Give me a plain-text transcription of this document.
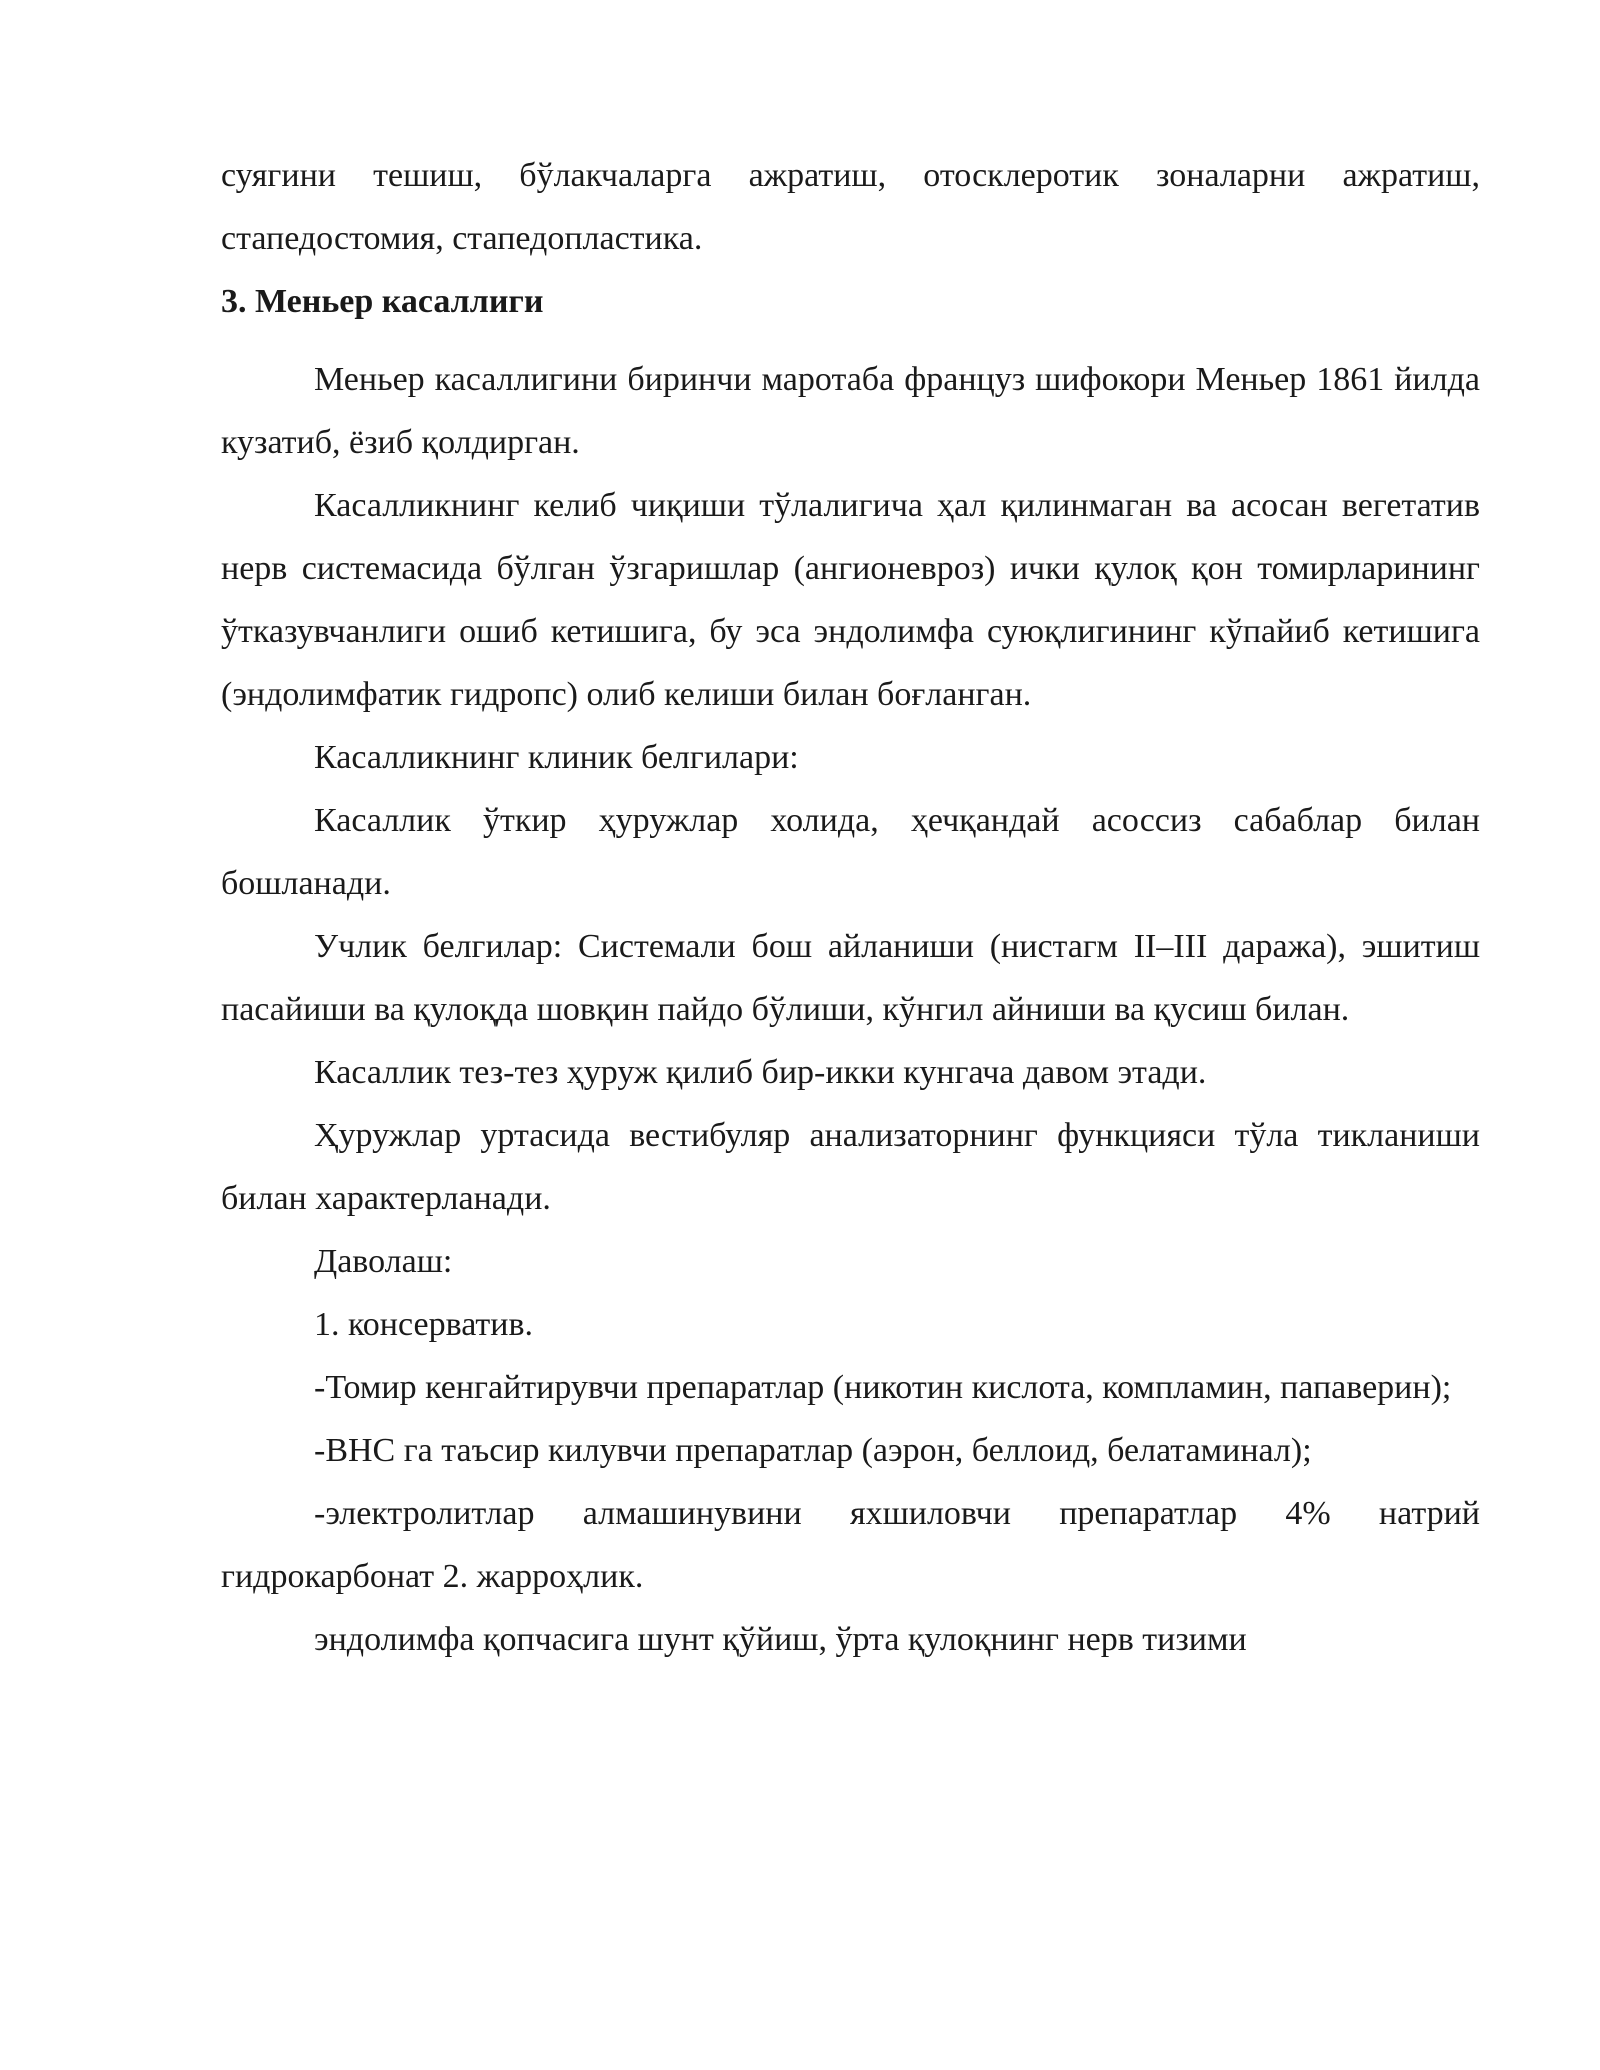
суягини тешиш, бўлакчаларга ажратиш, отосклеротик зоналарни ажратиш, стапедостомия, стапедопластика.

3. Меньер касаллиги

Меньер касаллигини биринчи маротаба француз шифокори Меньер 1861 йилда кузатиб, ёзиб қолдирган.

Касалликнинг келиб чиқиши тўлалигича ҳал қилинмаган ва асосан вегетатив нерв системасида бўлган ўзгаришлар (ангионевроз) ички қулоқ қон томирларининг ўтказувчанлиги ошиб кетишига, бу эса эндолимфа суюқлигининг кўпайиб кетишига (эндолимфатик гидропс) олиб келиши билан боғланган.

Касалликнинг клиник белгилари:

Касаллик ўткир ҳуружлар холида, ҳечқандай асоссиз сабаблар билан бошланади.

Учлик белгилар: Системали бош айланиши (нистагм II–III даража), эшитиш пасайиши ва қулоқда шовқин пайдо бўлиши, кўнгил айниши ва қусиш билан.

Касаллик тез-тез ҳуруж қилиб бир-икки кунгача давом этади.

Ҳуружлар уртасида вестибуляр анализаторнинг функцияси тўла тикланиши билан характерланади.

Даволаш:

1. консерватив.

-Томир кенгайтирувчи препаратлар (никотин кислота, компламин, папаверин);

-ВНС га таъсир килувчи препаратлар (аэрон, беллоид, белатаминал);

-электролитлар алмашинувини яхшиловчи препаратлар 4% натрий гидрокарбонат 2. жарроҳлик.

эндолимфа қопчасига шунт қўйиш, ўрта қулоқнинг нерв тизими
